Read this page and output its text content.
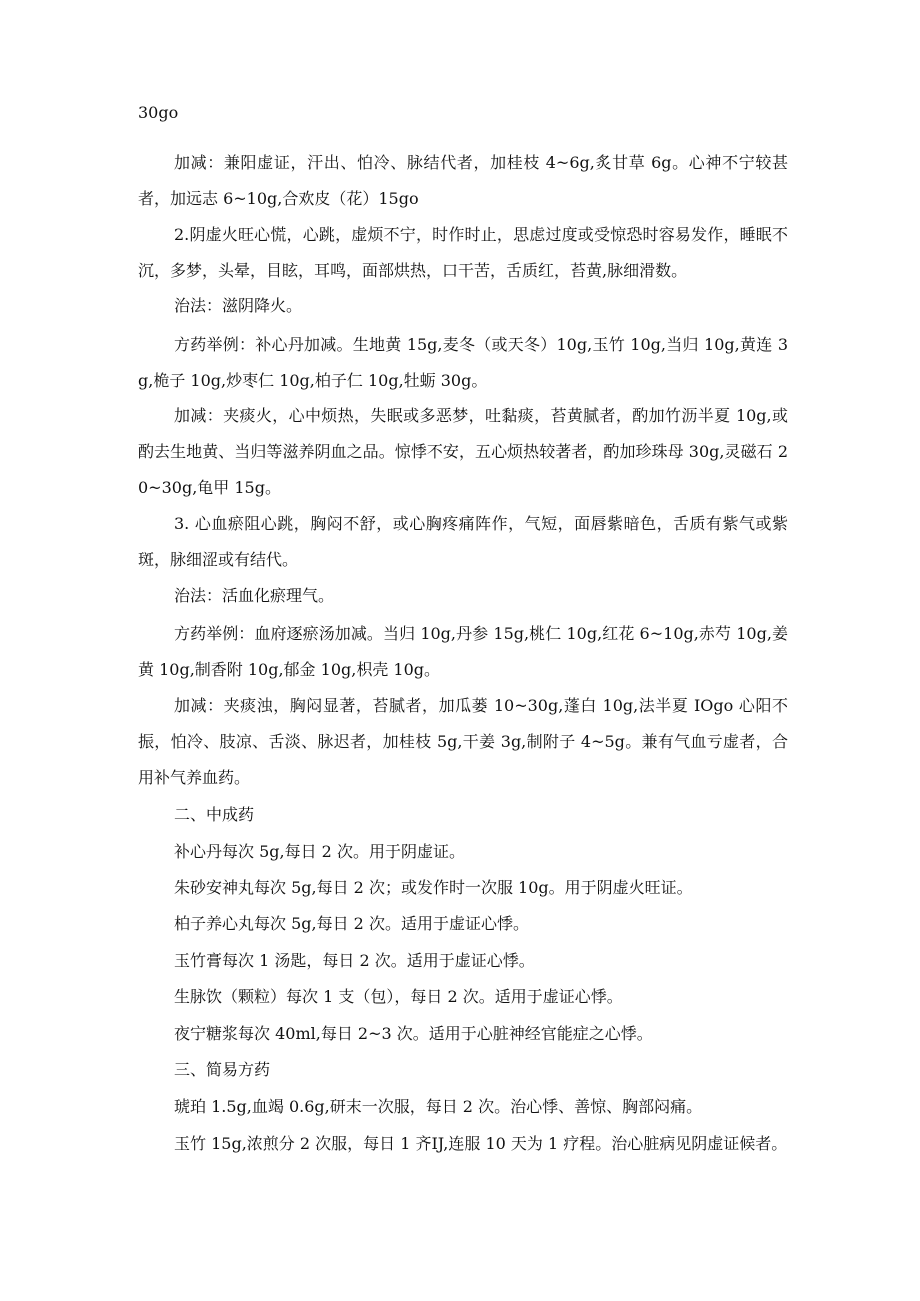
30go

加减：兼阳虚证，汗出、怕冷、脉结代者，加桂枝 4~6g,炙甘草 6g。心神不宁较甚者，加远志 6~10g,合欢皮（花）15go

2.阴虚火旺心慌，心跳，虚烦不宁，时作时止，思虑过度或受惊恐时容易发作，睡眠不沉，多梦，头晕，目眩，耳鸣，面部烘热，口干苦，舌质红，苔黄,脉细滑数。

治法：滋阴降火。

方药举例：补心丹加减。生地黄 15g,麦冬（或天冬）10g,玉竹 10g,当归 10g,黄连 3g,桅子 10g,炒枣仁 10g,柏子仁 10g,牡蛎 30g。

加减：夹痰火，心中烦热，失眠或多恶梦，吐黏痰，苔黄腻者，酌加竹沥半夏 10g,或酌去生地黄、当归等滋养阴血之品。惊悸不安，五心烦热较著者，酌加珍珠母 30g,灵磁石 20~30g,龟甲 15g。

3. 心血瘀阻心跳，胸闷不舒，或心胸疼痛阵作，气短，面唇紫暗色，舌质有紫气或紫斑，脉细涩或有结代。

治法：活血化瘀理气。

方药举例：血府逐瘀汤加减。当归 10g,丹参 15g,桃仁 10g,红花 6~10g,赤芍 10g,姜黄 10g,制香附 10g,郁金 10g,枳壳 10g。

加减：夹痰浊，胸闷显著，苔腻者，加瓜蒌 10~30g,蓬白 10g,法半夏 IOgo 心阳不振，怕冷、肢凉、舌淡、脉迟者，加桂枝 5g,干姜 3g,制附子 4~5g。兼有气血亏虚者，合用补气养血药。

二、中成药

补心丹每次 5g,每日 2 次。用于阴虚证。

朱砂安神丸每次 5g,每日 2 次；或发作时一次服 10g。用于阴虚火旺证。

柏子养心丸每次 5g,每日 2 次。适用于虚证心悸。

玉竹膏每次 1 汤匙，每日 2 次。适用于虚证心悸。

生脉饮（颗粒）每次 1 支（包），每日 2 次。适用于虚证心悸。

夜宁糖浆每次 40ml,每日 2~3 次。适用于心脏神经官能症之心悸。

三、简易方药

琥珀 1.5g,血竭 0.6g,研末一次服，每日 2 次。治心悸、善惊、胸部闷痛。

玉竹 15g,浓煎分 2 次服，每日 1 齐IJ,连服 10 天为 1 疗程。治心脏病见阴虚证候者。
